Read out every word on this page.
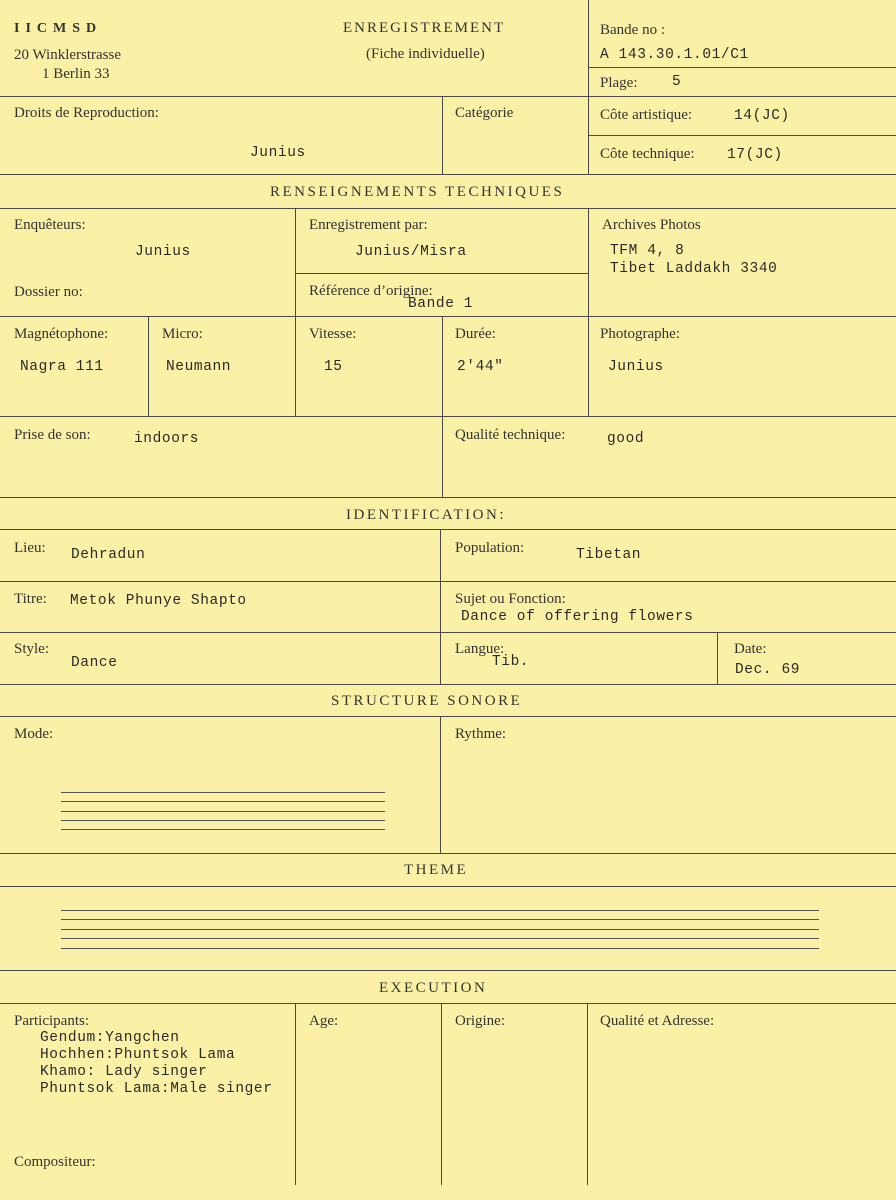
IICMSD
20 Winklerstrasse
1 Berlin 33
ENREGISTREMENT
(Fiche individuelle)
Bande no :
A 143.30.1.01/C1
Plage: 5
Droits de Reproduction:
Junius
Catégorie	Côte artistique:	14(JC)
Côte technique: 17(JC)
RENSEIGNEMENTS TECHNIQUES
Enquêteurs:
Junius
Enregistrement par:
Junius/Misra
Archives Photos
TFM 4, 8
Tibet Laddakh 3340
Dossier no:	Référence d’origine:
Bande 1
Magnétophone:
Nagra 111
Micro:
Neumann
Vitesse:
15
Durée:
2'44"
Photographe:
Junius
Prise de son:	indoors	Qualité technique:	good
IDENTIFICATION:
Lieu: Dehradun	Population:	Tibetan
Titre: Metok Phunye Shapto	Sujet ou Fonction:
Dance of offering flowers
Style:
Dance
Langue:
Tib.
Date:
Dec. 69
STRUCTURE SONORE
Mode:	Rythme:
THEME
EXECUTION
Participants:
Gendum:Yangchen
Hochhen:Phuntsok Lama
Khamo: Lady singer
Phuntsok Lama:Male singer
Age:	Origine:	Qualité et Adresse:
Compositeur:
